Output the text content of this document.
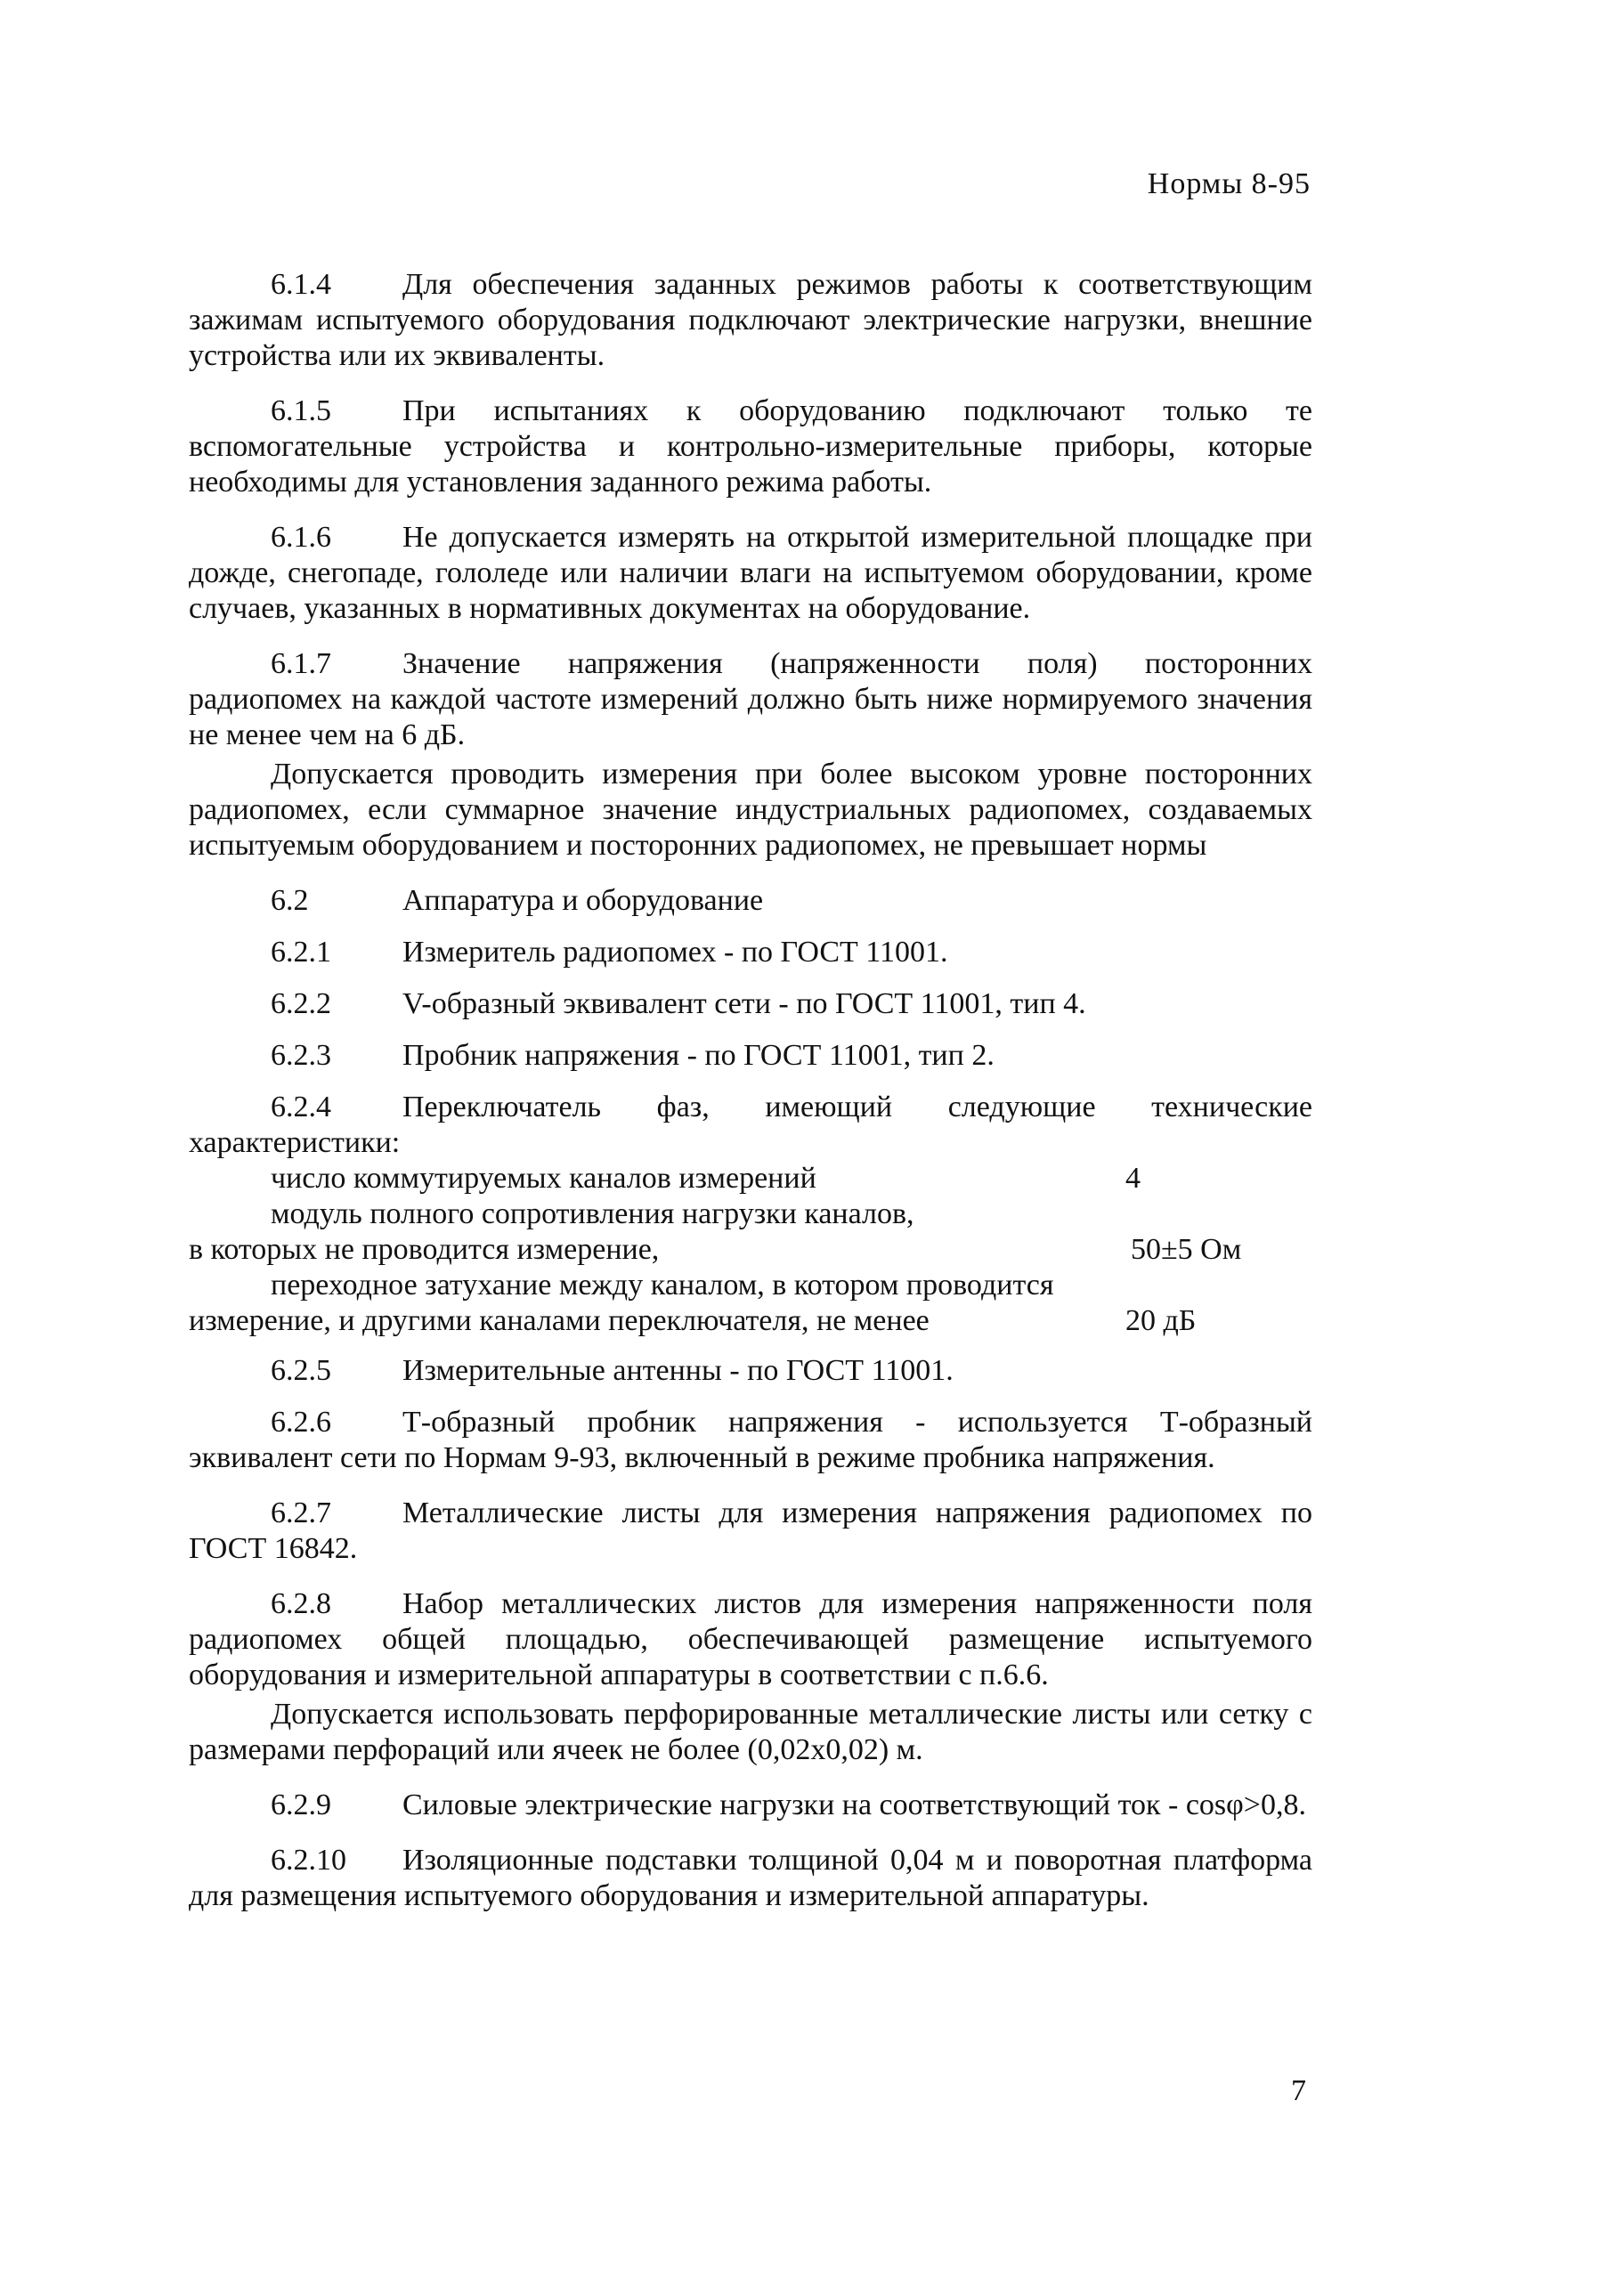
Нормы 8-95

6.1.4 Для обеспечения заданных режимов работы к соответствующим зажимам испытуемого оборудования подключают электрические нагрузки, внешние устройства или их эквиваленты.

6.1.5 При испытаниях к оборудованию подключают только те вспомогательные устройства и контрольно-измерительные приборы, которые необходимы для установления заданного режима работы.

6.1.6 Не допускается измерять на открытой измерительной площадке при дожде, снегопаде, гололеде или наличии влаги на испытуемом оборудовании, кроме случаев, указанных в нормативных документах на оборудование.

6.1.7 Значение напряжения (напряженности поля) посторонних радиопомех на каждой частоте измерений должно быть ниже нормируемого значения не менее чем на 6 дБ.

Допускается проводить измерения при более высоком уровне посторонних радиопомех, если суммарное значение индустриальных радиопомех, создаваемых испытуемым оборудованием и посторонних радиопомех, не превышает нормы

6.2	Аппаратура и оборудование
6.2.1 Измеритель радиопомех - по ГОСТ 11001.
6.2.2 V-образный эквивалент сети - по ГОСТ 11001, тип 4.
6.2.3 Пробник напряжения - по ГОСТ 11001, тип 2.

6.2.4 Переключатель фаз, имеющий следующие технические характеристики:

число коммутируемых каналов измерений	4
модуль полного сопротивления нагрузки каналов,
в которых не проводится измерение,	50±5 Ом
переходное затухание между каналом, в котором проводится
измерение, и другими каналами переключателя, не менее	20 дБ
6.2.5 Измерительные антенны - по ГОСТ 11001.

6.2.6 Т-образный пробник напряжения - используется Т-образный эквивалент сети по Нормам 9-93, включенный в режиме пробника напряжения.

6.2.7 Металлические листы для измерения напряжения радиопомех по ГОСТ 16842.

6.2.8 Набор металлических листов для измерения напряженности поля радиопомех общей площадью, обеспечивающей размещение испытуемого оборудования и измерительной аппаратуры в соответствии с п.6.6.

Допускается использовать перфорированные металлические листы или сетку с размерами перфораций или ячеек не более (0,02х0,02) м.

6.2.9 Силовые электрические нагрузки на соответствующий ток - cosφ>0,8.

6.2.10 Изоляционные подставки толщиной 0,04 м и поворотная платформа для размещения испытуемого оборудования и измерительной аппаратуры.

7
